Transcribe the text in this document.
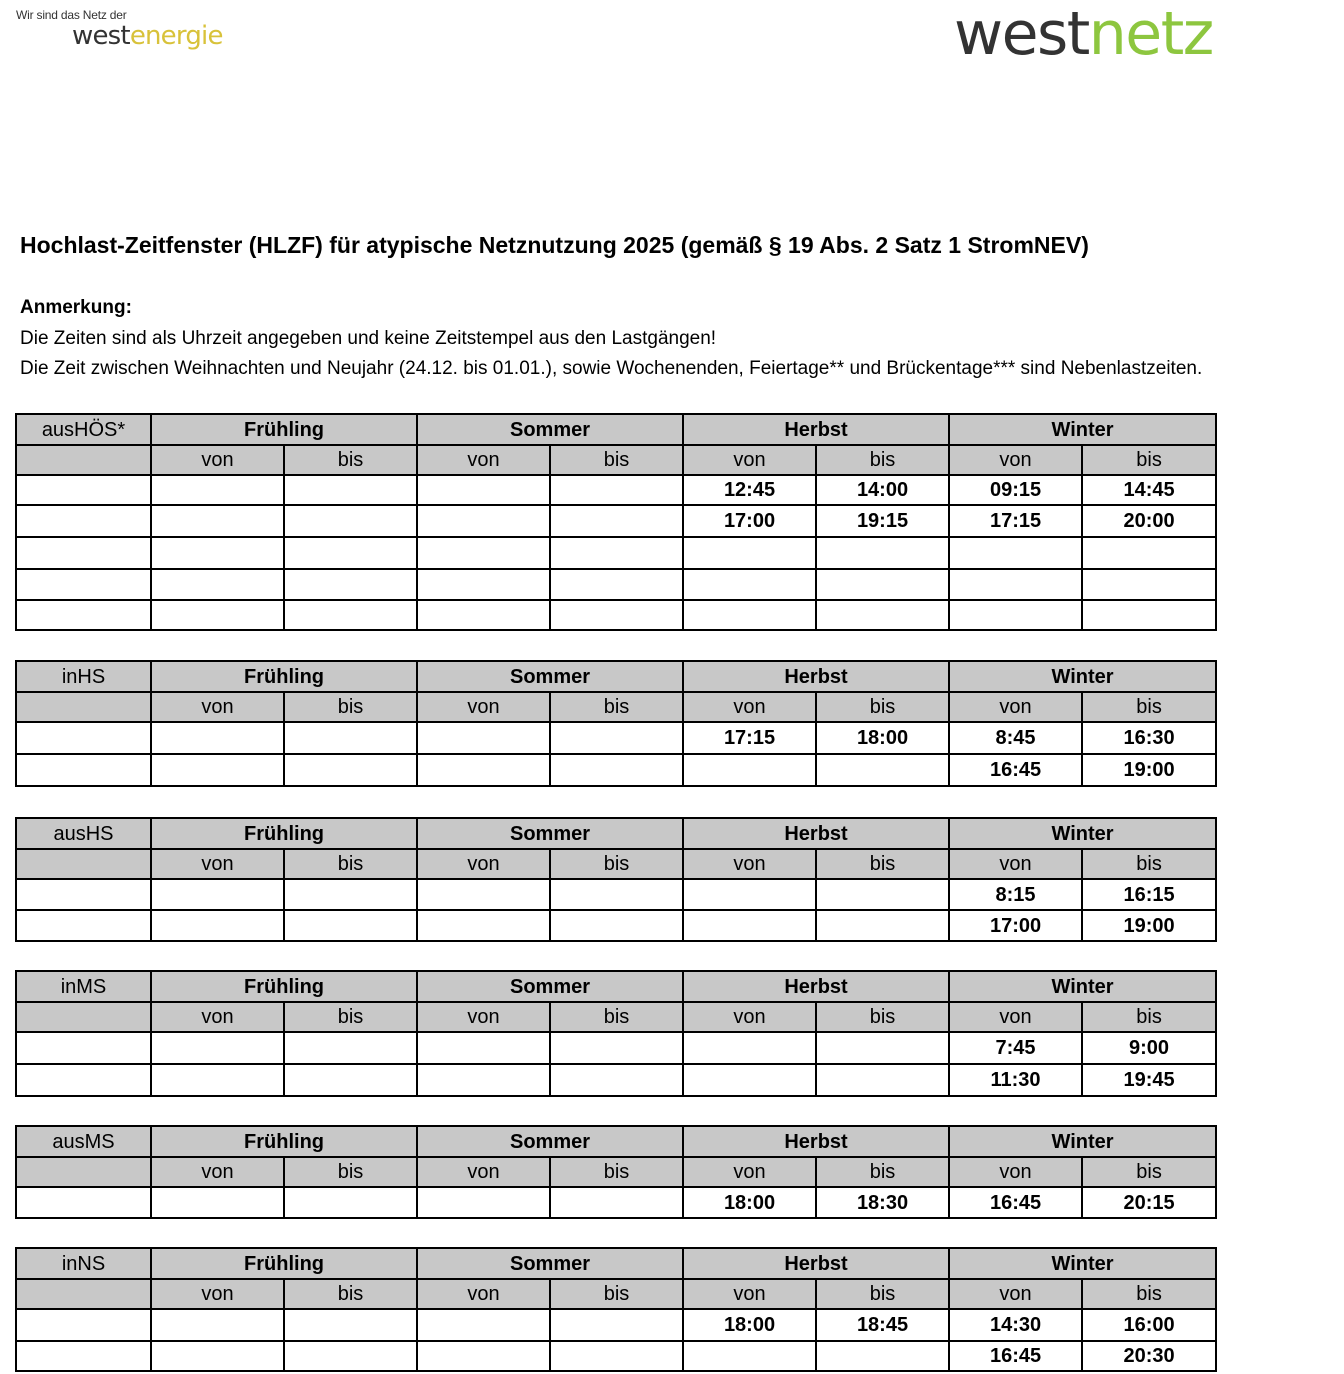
Wir sind das Netz der
westenergie	westnetz
Hochlast-Zeitfenster (HLZF) für atypische Netznutzung 2025 (gemäß § 19 Abs. 2 Satz 1 StromNEV)
Anmerkung:
Die Zeiten sind als Uhrzeit angegeben und keine Zeitstempel aus den Lastgängen!
Die Zeit zwischen Weihnachten und Neujahr (24.12. bis 01.01.), sowie Wochenenden, Feiertage** und Brückentage*** sind Nebenlastzeiten.
ausHÖS*	Frühling		Sommer		Herbst		Winter	
	von	bis	von	bis	von	bis	von	bis
					12:45	14:00	09:15	14:45
					17:00	19:15	17:15	20:00

inHS	Frühling		Sommer		Herbst		Winter	
	von	bis	von	bis	von	bis	von	bis
					17:15	18:00	8:45	16:30
							16:45	19:00
ausHS	Frühling		Sommer		Herbst		Winter	
	von	bis	von	bis	von	bis	von	bis
							8:15	16:15
							17:00	19:00
inMS	Frühling		Sommer		Herbst		Winter	
	von	bis	von	bis	von	bis	von	bis
							7:45	9:00
							11:30	19:45
ausMS	Frühling		Sommer		Herbst		Winter	
	von	bis	von	bis	von	bis	von	bis
					18:00	18:30	16:45	20:15
inNS	Frühling		Sommer		Herbst		Winter	
	von	bis	von	bis	von	bis	von	bis
					18:00	18:45	14:30	16:00
							16:45	20:30
